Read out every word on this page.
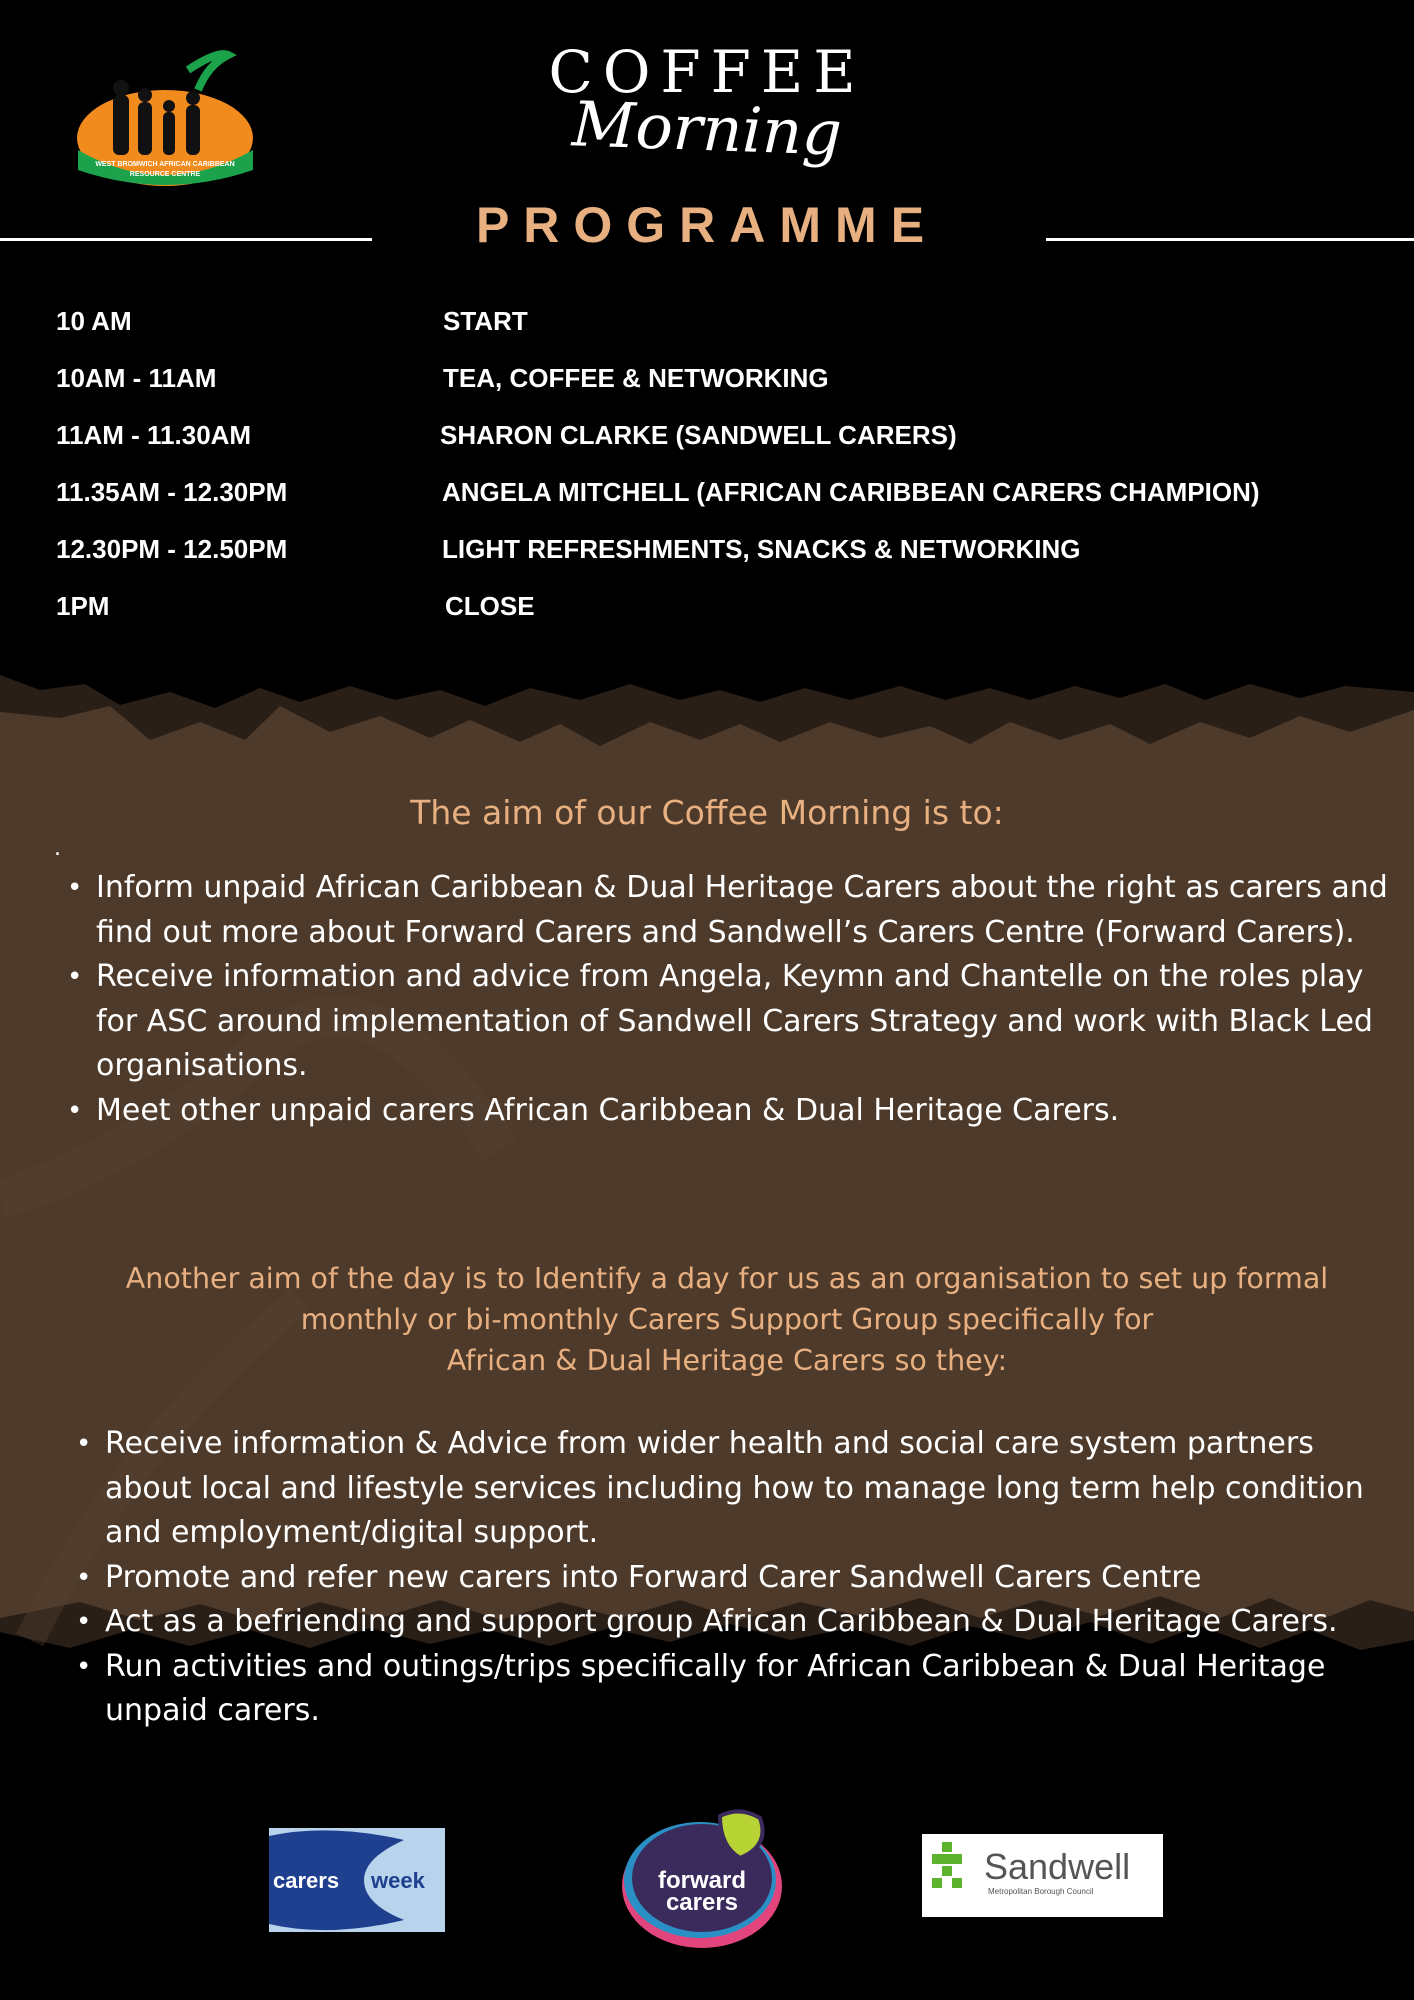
WEST BROMWICH AFRICAN CARIBBEAN
RESOURCE CENTRE
COFFEE
Morning
PROGRAMME
10 AM	START
10AM - 11AM	TEA, COFFEE & NETWORKING
11AM - 11.30AM	SHARON CLARKE (SANDWELL CARERS)
11.35AM - 12.30PM	ANGELA MITCHELL (AFRICAN CARIBBEAN CARERS CHAMPION)
12.30PM - 12.50PM	LIGHT REFRESHMENTS, SNACKS & NETWORKING
1PM	CLOSE
The aim of our Coffee Morning is to:
.
• Inform unpaid African Caribbean & Dual Heritage Carers about the right as carers and find out more about Forward Carers and Sandwell’s Carers Centre (Forward Carers).
• Receive information and advice from Angela, Keymn and Chantelle on the roles play for ASC around implementation of Sandwell Carers Strategy and work with Black Led organisations.
• Meet other unpaid carers African Caribbean & Dual Heritage Carers.
Another aim of the day is to Identify a day for us as an organisation to set up formal
monthly or bi-monthly Carers Support Group specifically for
African & Dual Heritage Carers so they:
• Receive information & Advice from wider health and social care system partners about local and lifestyle services including how to manage long term help condition and employment/digital support.
• Promote and refer new carers into Forward Carer Sandwell Carers Centre
• Act as a befriending and support group African Caribbean & Dual Heritage Carers.
• Run activities and outings/trips specifically for African Caribbean & Dual Heritage unpaid carers.
carers week	forward
carers
Sandwell
Metropolitan Borough Council
